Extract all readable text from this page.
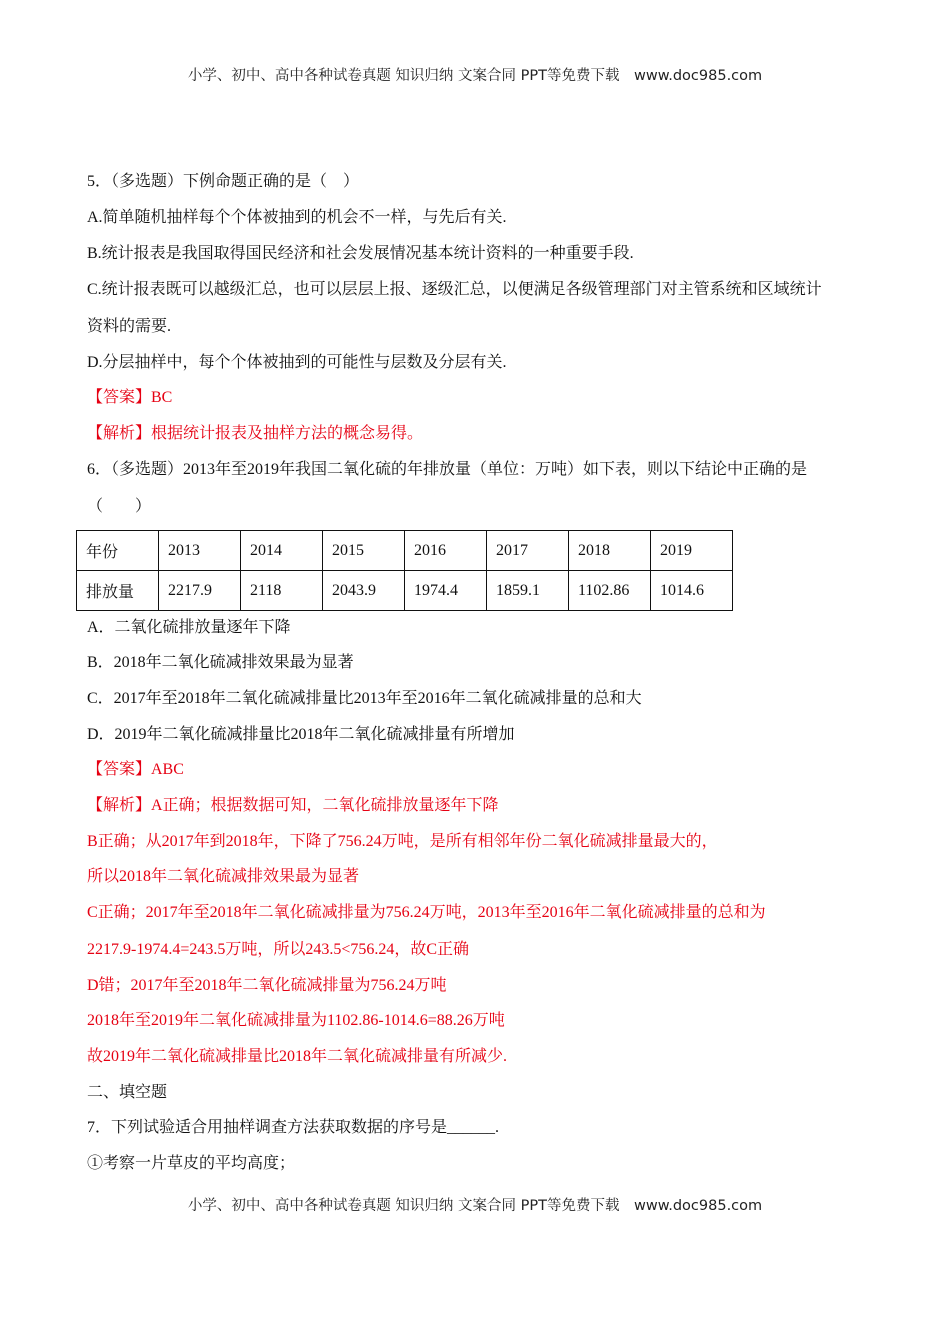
小学、初中、高中各种试卷真题 知识归纳 文案合同 PPT等免费下载　www.doc985.com
5．（多选题）下例命题正确的是（　）
A.简单随机抽样每个个体被抽到的机会不一样，与先后有关.
B.统计报表是我国取得国民经济和社会发展情况基本统计资料的一种重要手段.
C.统计报表既可以越级汇总，也可以层层上报、逐级汇总，以便满足各级管理部门对主管系统和区域统计
资料的需要.
D.分层抽样中，每个个体被抽到的可能性与层数及分层有关.
【答案】BC
【解析】根据统计报表及抽样方法的概念易得。
6．（多选题）2013年至2019年我国二氧化硫的年排放量（单位：万吨）如下表，则以下结论中正确的是
（　　）
年份	2013	2014	2015	2016	2017	2018	2019
排放量	2217.9	2118	2043.9	1974.4	1859.1	1102.86	1014.6
A．二氧化硫排放量逐年下降
B．2018年二氧化硫减排效果最为显著
C．2017年至2018年二氧化硫减排量比2013年至2016年二氧化硫减排量的总和大
D．2019年二氧化硫减排量比2018年二氧化硫减排量有所增加
【答案】ABC
【解析】A正确；根据数据可知，二氧化硫排放量逐年下降
B正确；从2017年到2018年，下降了756.24万吨，是所有相邻年份二氧化硫减排量最大的，
所以2018年二氧化硫减排效果最为显著
C正确；2017年至2018年二氧化硫减排量为756.24万吨，2013年至2016年二氧化硫减排量的总和为
2217.9-1974.4=243.5万吨，所以243.5<756.24，故C正确
D错；2017年至2018年二氧化硫减排量为756.24万吨
2018年至2019年二氧化硫减排量为1102.86-1014.6=88.26万吨
故2019年二氧化硫减排量比2018年二氧化硫减排量有所减少.
二、填空题
7．下列试验适合用抽样调查方法获取数据的序号是______.
①考察一片草皮的平均高度；
小学、初中、高中各种试卷真题 知识归纳 文案合同 PPT等免费下载　www.doc985.com
